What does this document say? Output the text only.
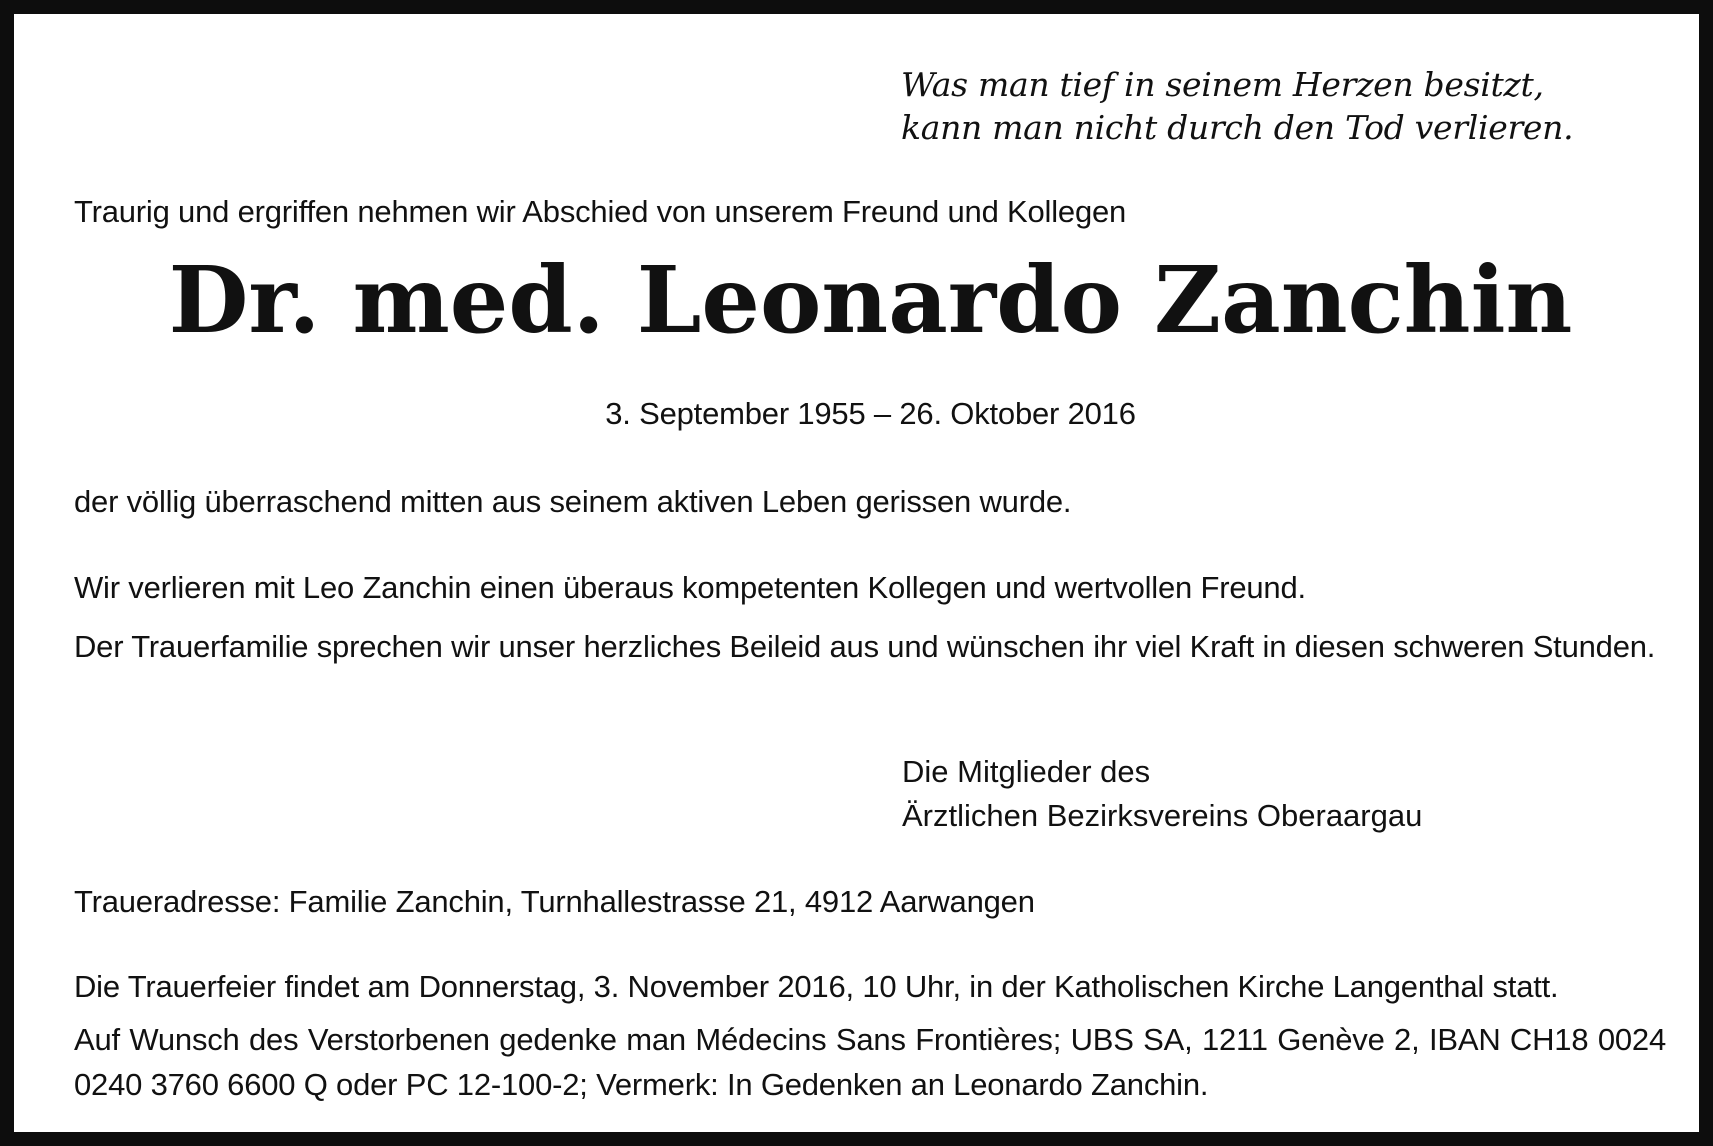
Was man tief in seinem Herzen besitzt,

kann man nicht durch den Tod verlieren.

Traurig und ergriffen nehmen wir Abschied von unserem Freund und Kollegen

Dr. med. Leonardo Zanchin

3. September 1955 – 26. Oktober 2016

der völlig überraschend mitten aus seinem aktiven Leben gerissen wurde.

Wir verlieren mit Leo Zanchin einen überaus kompetenten Kollegen und wertvollen Freund.

Der Trauerfamilie sprechen wir unser herzliches Beileid aus und wünschen ihr viel Kraft in diesen schweren Stunden.

Die Mitglieder des

Ärztlichen Bezirksvereins Oberaargau

Traueradresse: Familie Zanchin, Turnhallestrasse 21, 4912 Aarwangen

Die Trauerfeier findet am Donnerstag, 3. November 2016, 10 Uhr, in der Katholischen Kirche Langenthal statt.

Auf Wunsch des Verstorbenen gedenke man Médecins Sans Frontières; UBS SA, 1211 Genève 2, IBAN CH18 0024 0240 3760 6600 Q oder PC 12-100-2; Vermerk: In Gedenken an Leonardo Zanchin.
